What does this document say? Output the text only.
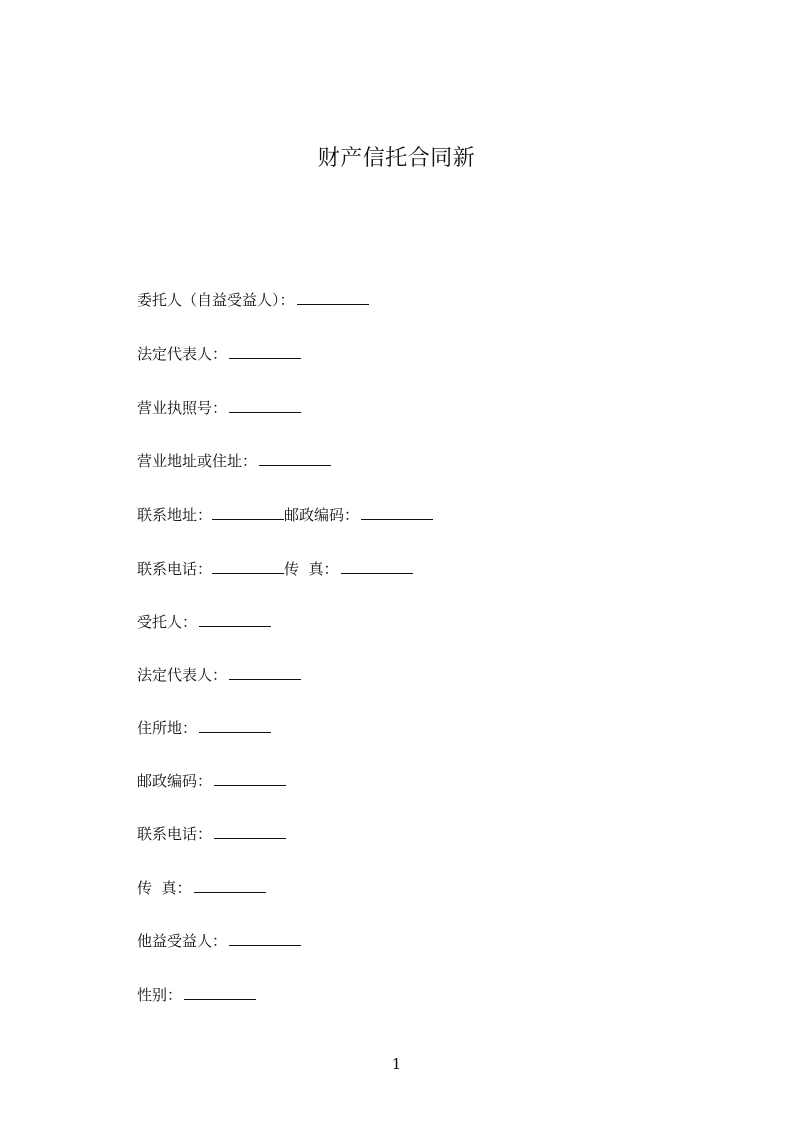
财产信托合同新
委托人（自益受益人）：
法定代表人：
营业执照号：
营业地址或住址：
联系地址：	邮政编码：
联系电话：	传  真：
受托人：
法定代表人：
住所地：
邮政编码：
联系电话：
传  真：
他益受益人：
性别：
1
